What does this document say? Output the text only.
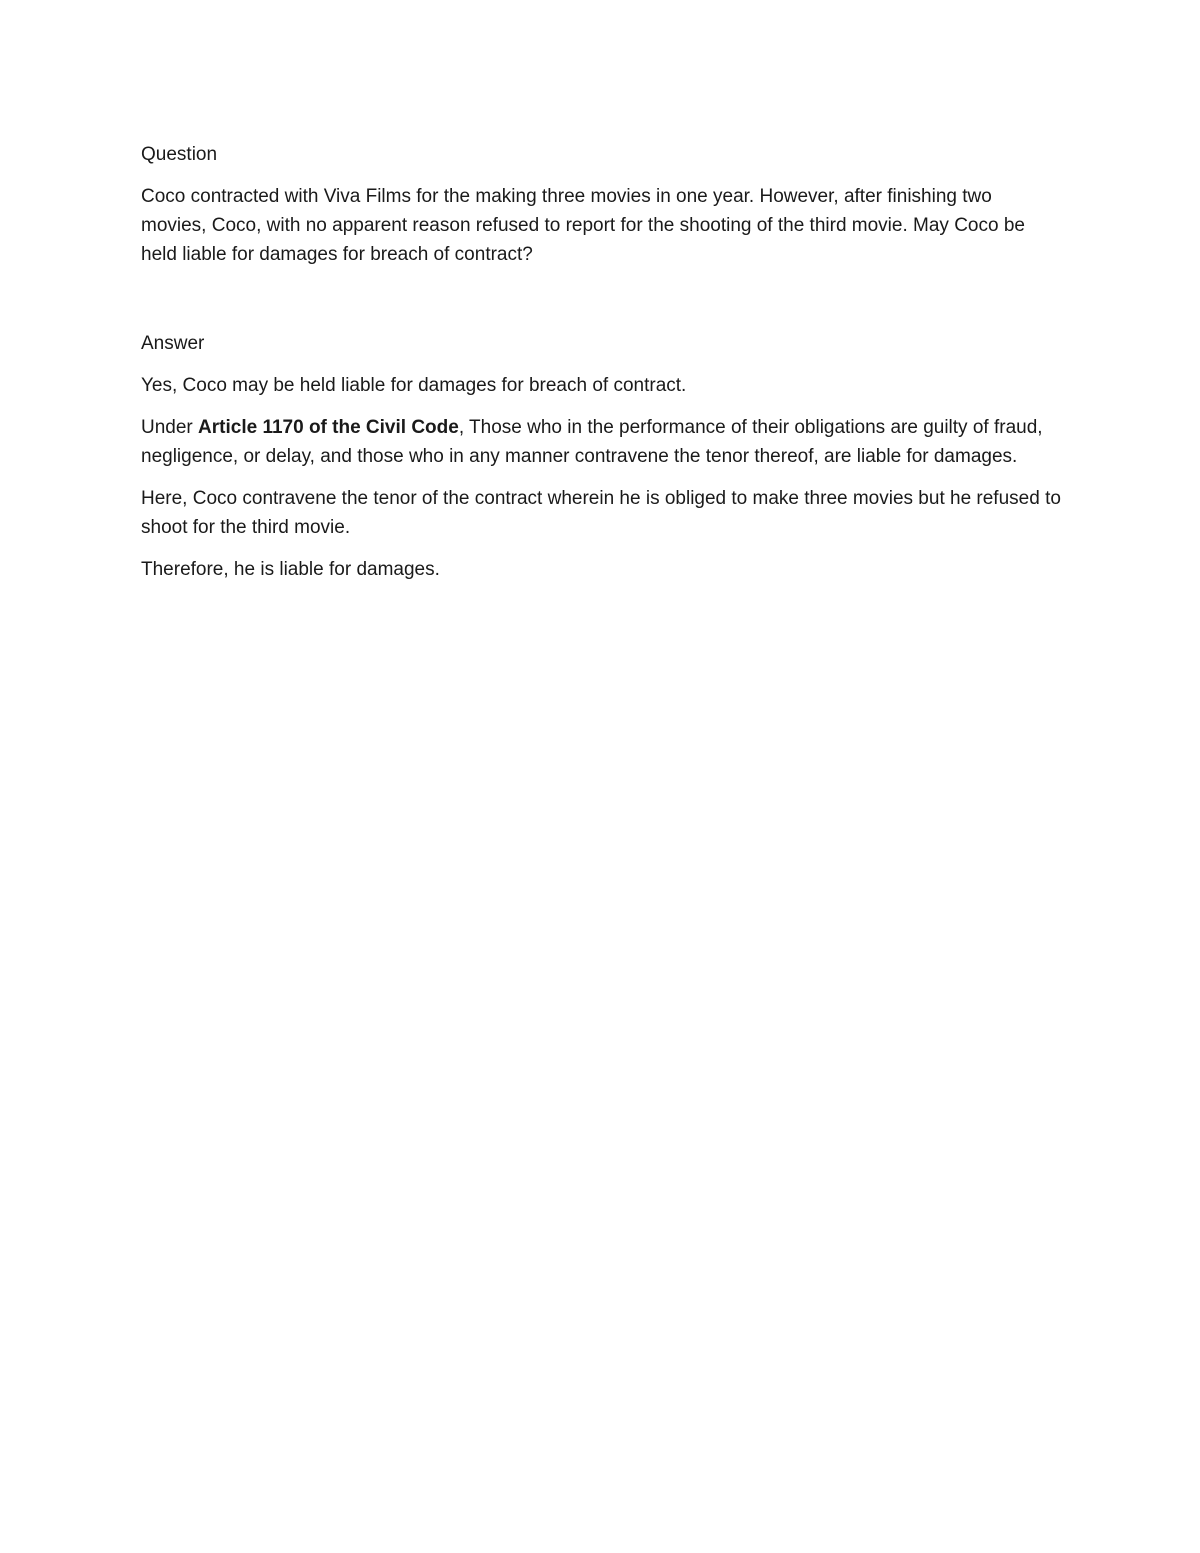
Question

Coco contracted with Viva Films for the making three movies in one year. However, after finishing two movies, Coco, with no apparent reason refused to report for the shooting of the third movie. May Coco be held liable for damages for breach of contract?

Answer

Yes, Coco may be held liable for damages for breach of contract.

Under Article 1170 of the Civil Code, Those who in the performance of their obligations are guilty of fraud, negligence, or delay, and those who in any manner contravene the tenor thereof, are liable for damages.

Here, Coco contravene the tenor of the contract wherein he is obliged to make three movies but he refused to shoot for the third movie.

Therefore, he is liable for damages.
